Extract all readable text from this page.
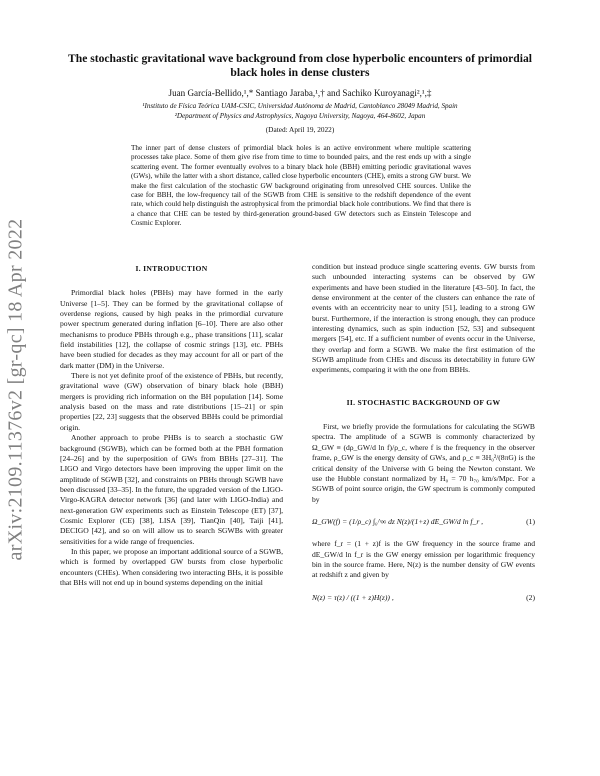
arXiv:2109.11376v2 [gr-qc] 18 Apr 2022
The stochastic gravitational wave background from close hyperbolic encounters of primordial black holes in dense clusters
Juan García-Bellido,¹,* Santiago Jaraba,¹,† and Sachiko Kuroyanagi²,¹,‡
¹Instituto de Física Teórica UAM-CSIC, Universidad Autónoma de Madrid, Cantoblanco 28049 Madrid, Spain
²Department of Physics and Astrophysics, Nagoya University, Nagoya, 464-8602, Japan
(Dated: April 19, 2022)
The inner part of dense clusters of primordial black holes is an active environment where multiple scattering processes take place. Some of them give rise from time to time to bounded pairs, and the rest ends up with a single scattering event. The former eventually evolves to a binary black hole (BBH) emitting periodic gravitational waves (GWs), while the latter with a short distance, called close hyperbolic encounters (CHE), emits a strong GW burst. We make the first calculation of the stochastic GW background originating from unresolved CHE sources. Unlike the case for BBH, the low-frequency tail of the SGWB from CHE is sensitive to the redshift dependence of the event rate, which could help distinguish the astrophysical from the primordial black hole contributions. We find that there is a chance that CHE can be tested by third-generation ground-based GW detectors such as Einstein Telescope and Cosmic Explorer.
I. INTRODUCTION

Primordial black holes (PBHs) may have formed in the early Universe [1–5]. They can be formed by the gravitational collapse of overdense regions, caused by high peaks in the primordial curvature power spectrum generated during inflation [6–10]. There are also other mechanisms to produce PBHs through e.g., phase transitions [11], scalar field instabilities [12], the collapse of cosmic strings [13], etc. PBHs have been studied for decades as they may account for all or part of the dark matter (DM) in the Universe.

There is not yet definite proof of the existence of PBHs, but recently, gravitational wave (GW) observation of binary black hole (BBH) mergers is providing rich information on the BH population [14]. Some analysis based on the mass and rate distributions [15–21] or spin properties [22, 23] suggests that the observed BBHs could be primordial origin.

Another approach to probe PHBs is to search a stochastic GW background (SGWB), which can be formed both at the PBH formation [24–26] and by the superposition of GWs from BBHs [27–31]. The LIGO and Virgo detectors have been improving the upper limit on the amplitude of SGWB [32], and constraints on PBHs through SGWB have been discussed [33–35]. In the future, the upgraded version of the LIGO-Virgo-KAGRA detector network [36] (and later with LIGO-India) and next-generation GW experiments such as Einstein Telescope (ET) [37], Cosmic Explorer (CE) [38], LISA [39], TianQin [40], Taiji [41], DECIGO [42], and so on will allow us to search SGWBs with greater sensitivities for a wide range of frequencies.

In this paper, we propose an important additional source of a SGWB, which is formed by overlapped GW bursts from close hyperbolic encounters (CHEs). When considering two interacting BHs, it is possible that BHs will not end up in bound systems depending on the initial

condition but instead produce single scattering events. GW bursts from such unbounded interacting systems can be observed by GW experiments and have been studied in the literature [43–50]. In fact, the dense environment at the center of the clusters can enhance the rate of events with an eccentricity near to unity [51], leading to a strong GW burst. Furthermore, if the interaction is strong enough, they can produce interesting dynamics, such as spin induction [52, 53] and subsequent mergers [54], etc. If a sufficient number of events occur in the Universe, they overlap and form a SGWB. We make the first estimation of the SGWB amplitude from CHEs and discuss its detectability in future GW experiments, comparing it with the one from BBHs.

II. STOCHASTIC BACKGROUND OF GW

First, we briefly provide the formulations for calculating the SGWB spectra. The amplitude of a SGWB is commonly characterized by Ω_GW ≡ (dρ_GW/d ln f)/ρ_c, where f is the frequency in the observer frame, ρ_GW is the energy density of GWs, and ρ_c ≡ 3H₀²/(8πG) is the critical density of the Universe with G being the Newton constant. We use the Hubble constant normalized by H₀ = 70 h₇₀ km/s/Mpc. For a SGWB of point source origin, the GW spectrum is commonly computed by

Ω_GW(f) = (1/ρ_c) ∫₀^∞ dz N(z)/(1+z) dE_GW/d ln f_r ,	(1)

where f_r = (1 + z)f is the GW frequency in the source frame and dE_GW/d ln f_r is the GW energy emission per logarithmic frequency bin in the source frame. Here, N(z) is the number density of GW events at redshift z and given by

N(z) = τ(z) / ((1 + z)H(z)) ,	(2)
